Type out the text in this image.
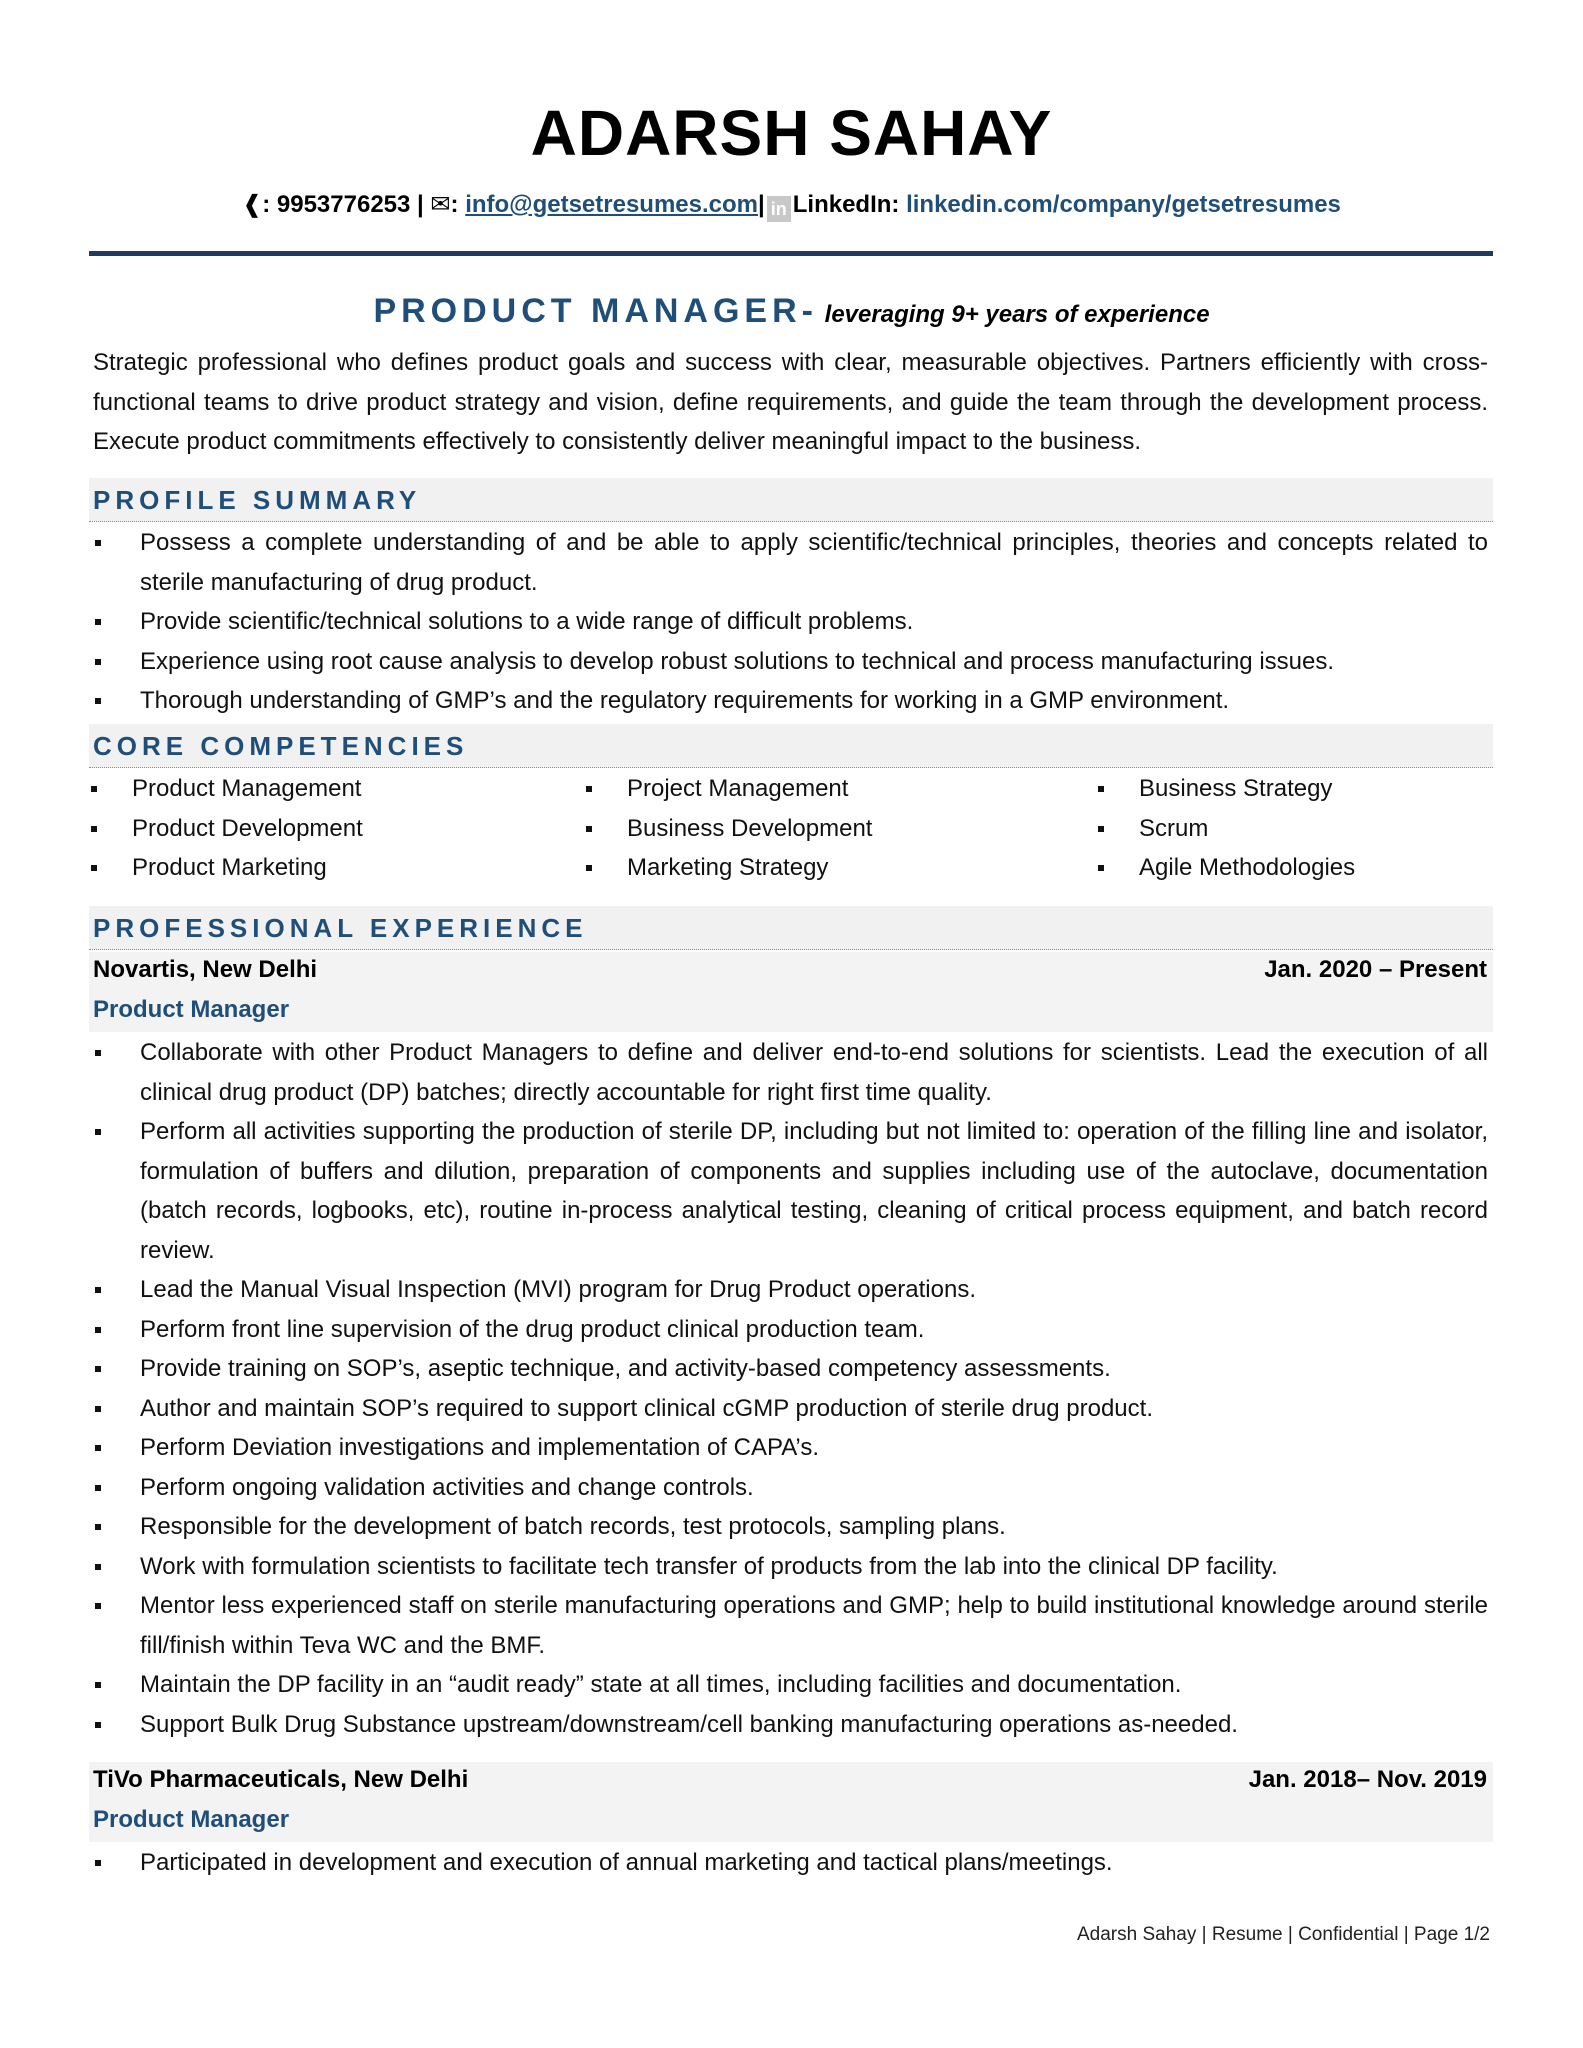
ADARSH SAHAY
❰: 9953776253 | ✉: info@getsetresumes.com| in LinkedIn: linkedin.com/company/getsetresumes
PRODUCT MANAGER- leveraging 9+ years of experience
Strategic professional who defines product goals and success with clear, measurable objectives. Partners efficiently with cross-functional teams to drive product strategy and vision, define requirements, and guide the team through the development process. Execute product commitments effectively to consistently deliver meaningful impact to the business.
PROFILE SUMMARY
Possess a complete understanding of and be able to apply scientific/technical principles, theories and concepts related to sterile manufacturing of drug product.
Provide scientific/technical solutions to a wide range of difficult problems.
Experience using root cause analysis to develop robust solutions to technical and process manufacturing issues.
Thorough understanding of GMP’s and the regulatory requirements for working in a GMP environment.
CORE COMPETENCIES
Product Management
Product Development
Product Marketing
Project Management
Business Development
Marketing Strategy
Business Strategy
Scrum
Agile Methodologies
PROFESSIONAL EXPERIENCE
Novartis, New Delhi	Jan. 2020 – Present
Product Manager
Collaborate with other Product Managers to define and deliver end-to-end solutions for scientists. Lead the execution of all clinical drug product (DP) batches; directly accountable for right first time quality.
Perform all activities supporting the production of sterile DP, including but not limited to: operation of the filling line and isolator, formulation of buffers and dilution, preparation of components and supplies including use of the autoclave, documentation (batch records, logbooks, etc), routine in-process analytical testing, cleaning of critical process equipment, and batch record review.
Lead the Manual Visual Inspection (MVI) program for Drug Product operations.
Perform front line supervision of the drug product clinical production team.
Provide training on SOP’s, aseptic technique, and activity-based competency assessments.
Author and maintain SOP’s required to support clinical cGMP production of sterile drug product.
Perform Deviation investigations and implementation of CAPA’s.
Perform ongoing validation activities and change controls.
Responsible for the development of batch records, test protocols, sampling plans.
Work with formulation scientists to facilitate tech transfer of products from the lab into the clinical DP facility.
Mentor less experienced staff on sterile manufacturing operations and GMP; help to build institutional knowledge around sterile fill/finish within Teva WC and the BMF.
Maintain the DP facility in an “audit ready” state at all times, including facilities and documentation.
Support Bulk Drug Substance upstream/downstream/cell banking manufacturing operations as-needed.
TiVo Pharmaceuticals, New Delhi	Jan. 2018– Nov. 2019
Product Manager
Participated in development and execution of annual marketing and tactical plans/meetings.
Adarsh Sahay | Resume | Confidential | Page 1/2
